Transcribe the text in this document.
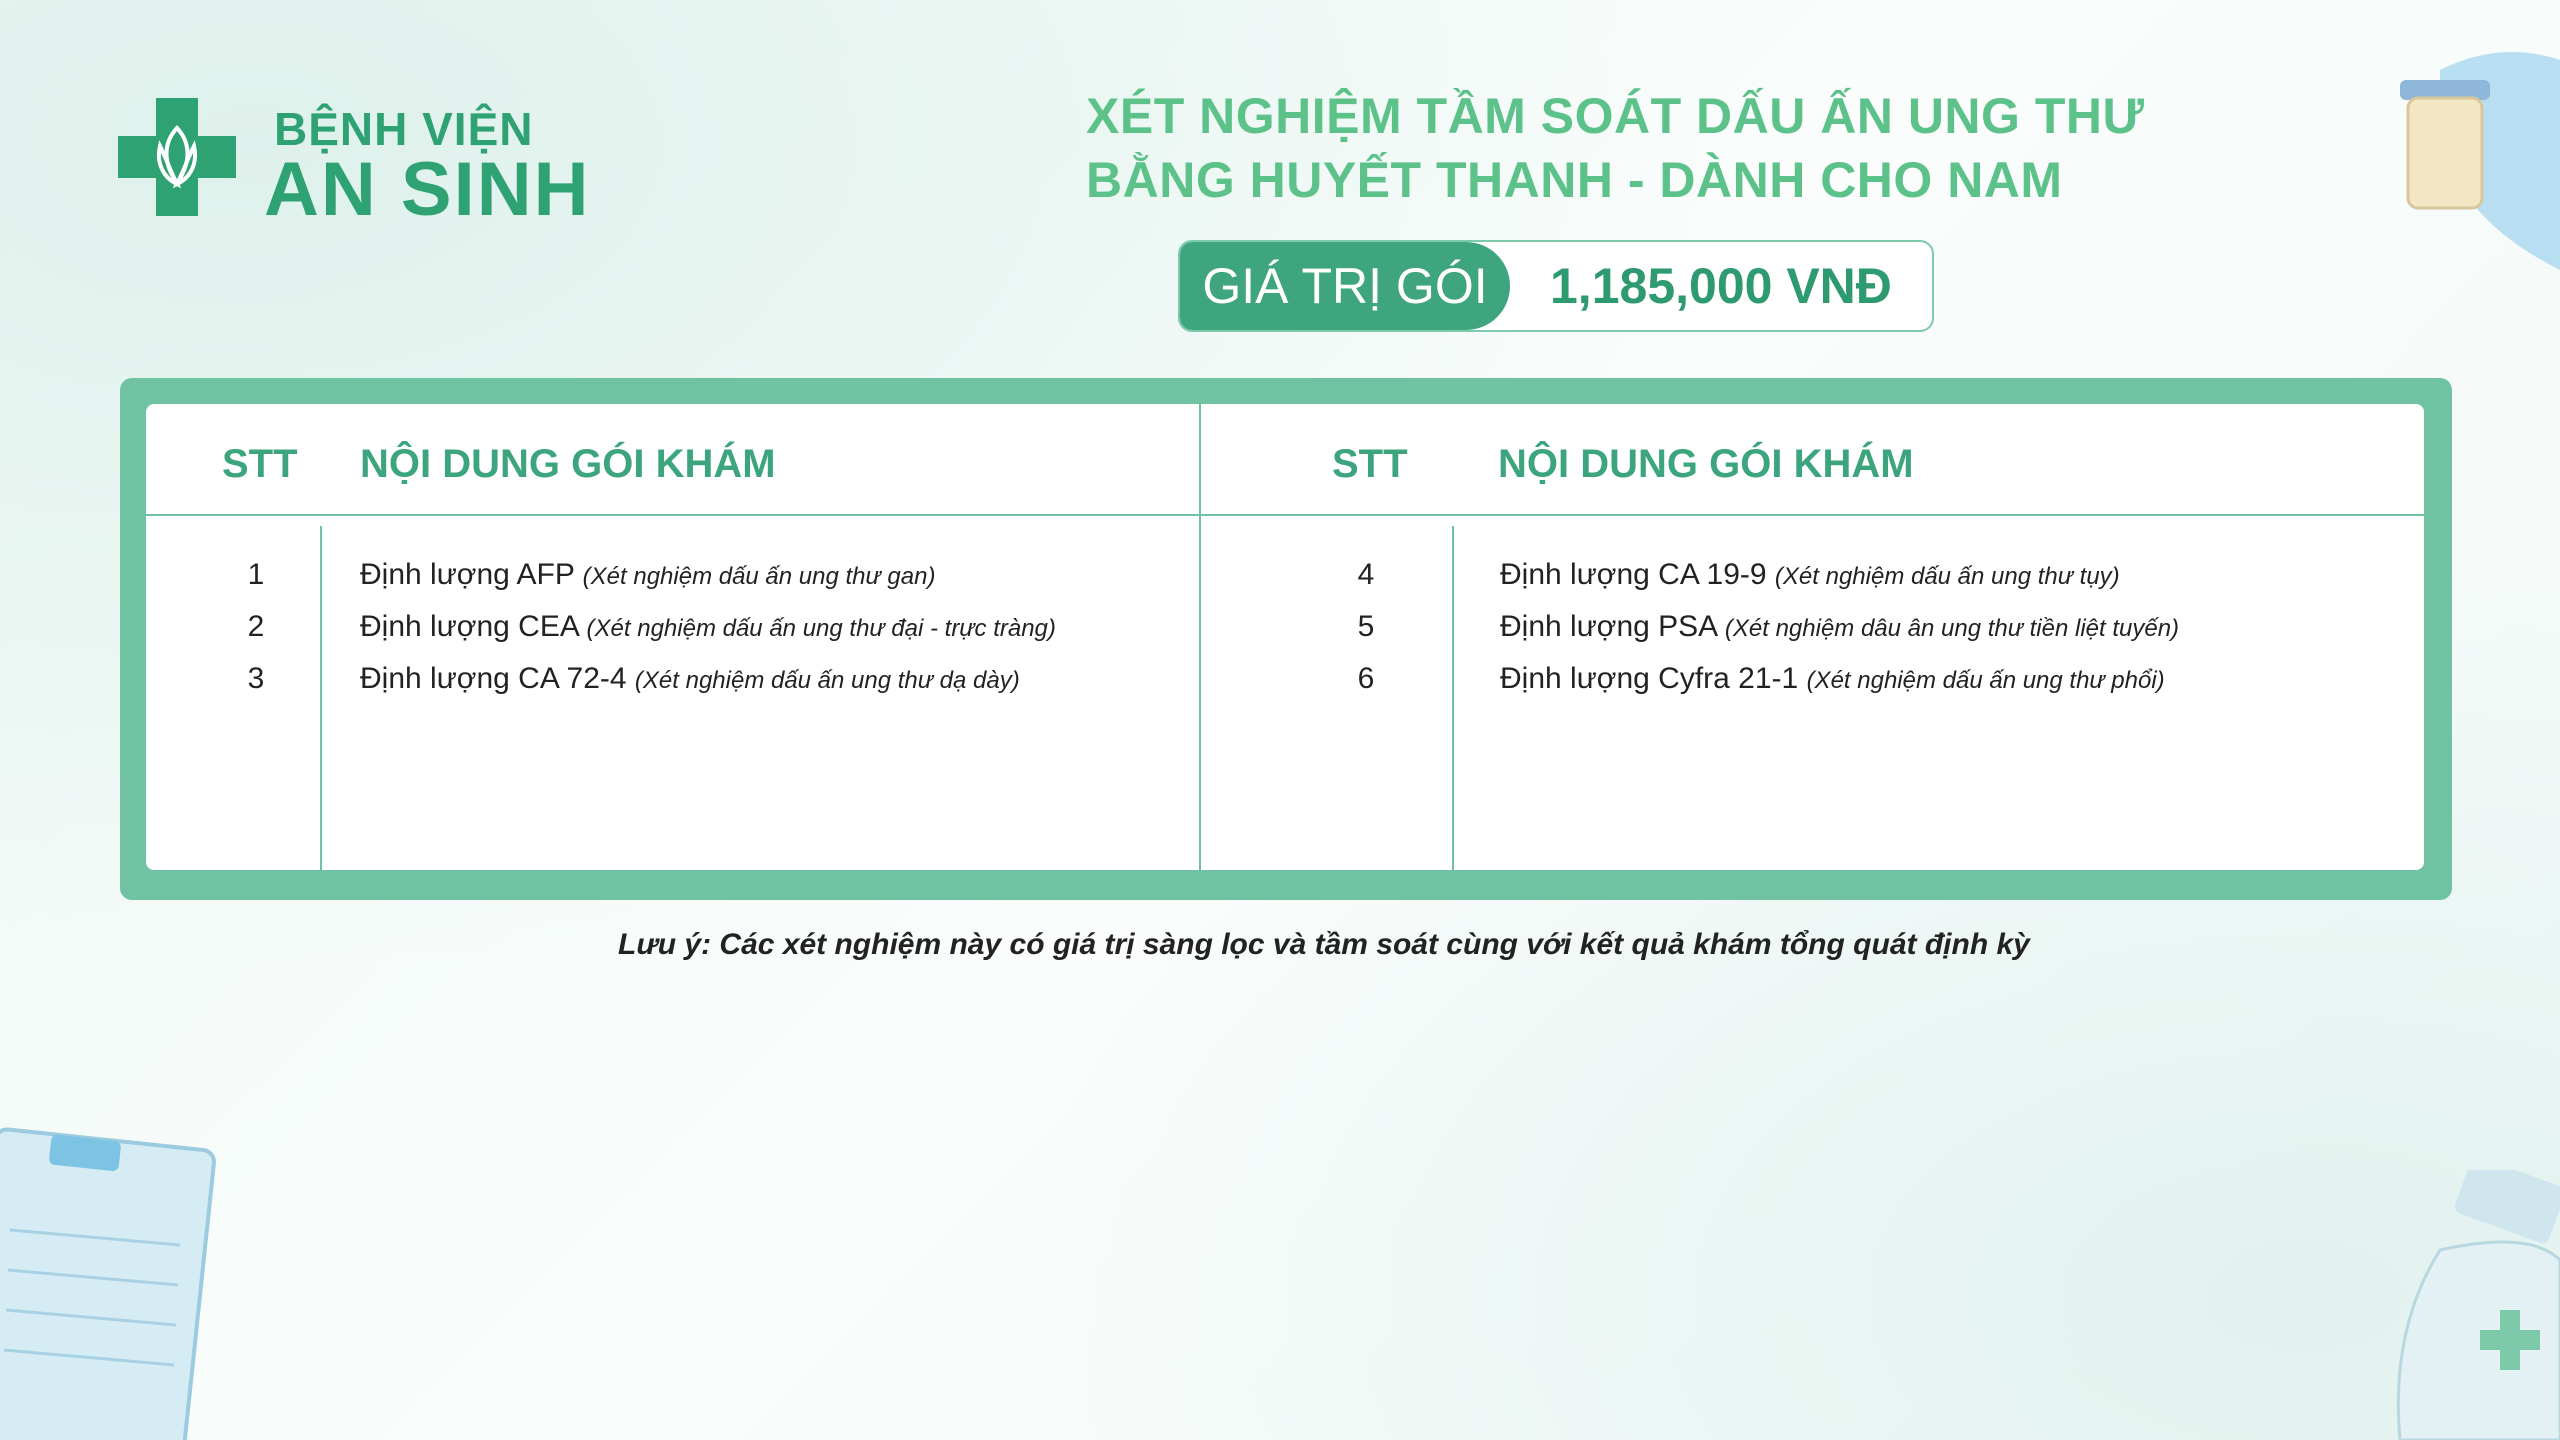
BỆNH VIỆN
AN SINH
XÉT NGHIỆM TẦM SOÁT DẤU ẤN UNG THƯ
BẰNG HUYẾT THANH - DÀNH CHO NAM
GIÁ TRỊ GÓI	1,185,000 VNĐ
STT NỘI DUNG GÓI KHÁM	STT NỘI DUNG GÓI KHÁM
1	Định lượng AFP (Xét nghiệm dấu ấn ung thư gan)
2	Định lượng CEA (Xét nghiệm dấu ấn ung thư đại - trực tràng)
3	Định lượng CA 72-4 (Xét nghiệm dấu ấn ung thư dạ dày)
4	Định lượng CA 19-9 (Xét nghiệm dấu ấn ung thư tụy)
5	Định lượng PSA (Xét nghiệm dâu ân ung thư tiền liệt tuyến)
6	Định lượng Cyfra 21-1 (Xét nghiệm dấu ấn ung thư phổi)
Lưu ý: Các xét nghiệm này có giá trị sàng lọc và tầm soát cùng với kết quả khám tổng quát định kỳ
